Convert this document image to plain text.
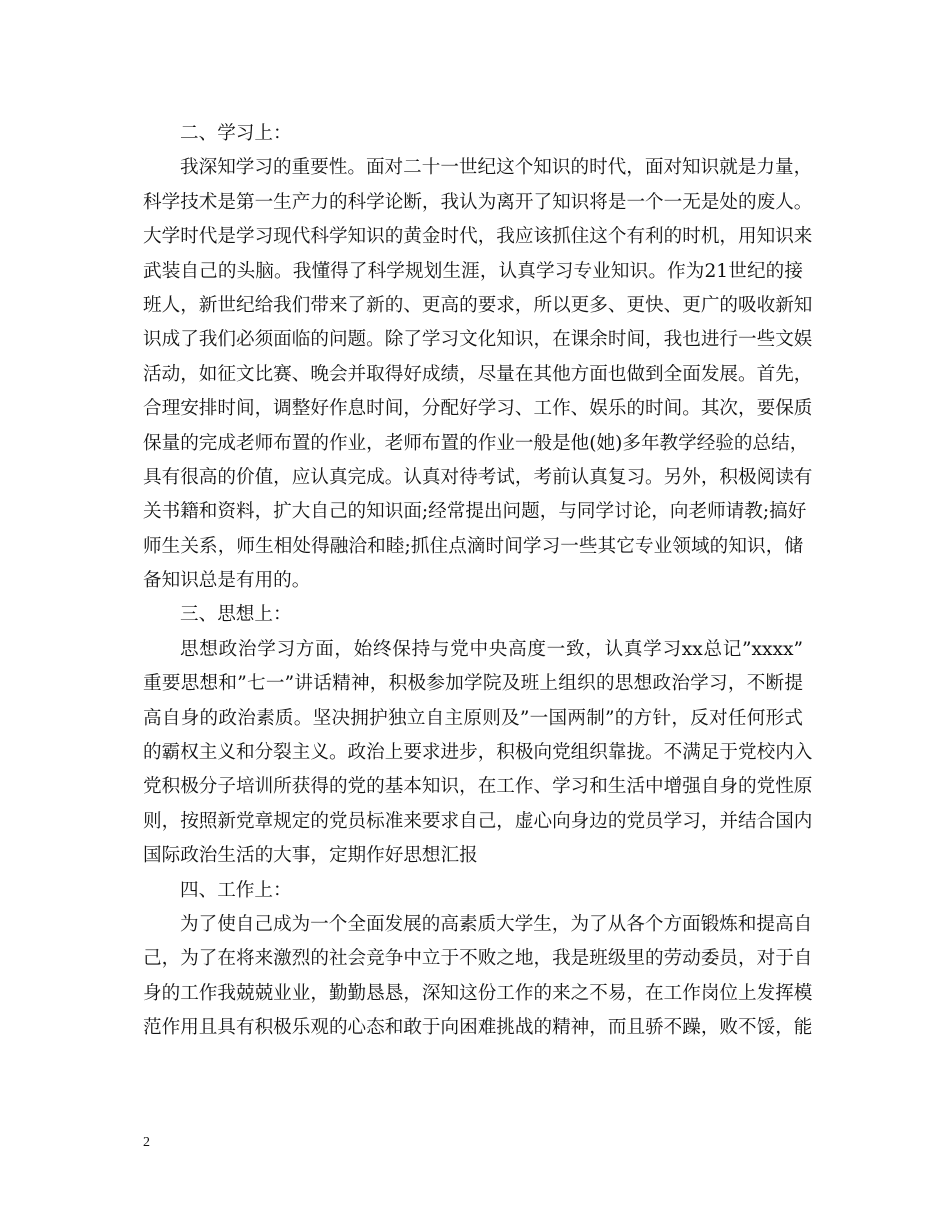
二、学习上：
我深知学习的重要性。面对二十一世纪这个知识的时代，面对知识就是力量，
科学技术是第一生产力的科学论断，我认为离开了知识将是一个一无是处的废人。
大学时代是学习现代科学知识的黄金时代，我应该抓住这个有利的时机，用知识来
武装自己的头脑。我懂得了科学规划生涯，认真学习专业知识。作为21世纪的接
班人，新世纪给我们带来了新的、更高的要求，所以更多、更快、更广的吸收新知
识成了我们必须面临的问题。除了学习文化知识，在课余时间，我也进行一些文娱
活动，如征文比赛、晚会并取得好成绩，尽量在其他方面也做到全面发展。首先，
合理安排时间，调整好作息时间，分配好学习、工作、娱乐的时间。其次，要保质
保量的完成老师布置的作业，老师布置的作业一般是他(她)多年教学经验的总结，
具有很高的价值，应认真完成。认真对待考试，考前认真复习。另外，积极阅读有
关书籍和资料，扩大自己的知识面;经常提出问题，与同学讨论，向老师请教;搞好
师生关系，师生相处得融洽和睦;抓住点滴时间学习一些其它专业领域的知识，储
备知识总是有用的。
三、思想上：
思想政治学习方面，始终保持与党中央高度一致，认真学习xx总记”xxxx”
重要思想和”七一”讲话精神，积极参加学院及班上组织的思想政治学习，不断提
高自身的政治素质。坚决拥护独立自主原则及”一国两制”的方针，反对任何形式
的霸权主义和分裂主义。政治上要求进步，积极向党组织靠拢。不满足于党校内入
党积极分子培训所获得的党的基本知识，在工作、学习和生活中增强自身的党性原
则，按照新党章规定的党员标准来要求自己，虚心向身边的党员学习，并结合国内
国际政治生活的大事，定期作好思想汇报
四、工作上：
为了使自己成为一个全面发展的高素质大学生，为了从各个方面锻炼和提高自
己，为了在将来激烈的社会竞争中立于不败之地，我是班级里的劳动委员，对于自
身的工作我兢兢业业，勤勤恳恳，深知这份工作的来之不易，在工作岗位上发挥模
范作用且具有积极乐观的心态和敢于向困难挑战的精神，而且骄不躁，败不馁，能
2
